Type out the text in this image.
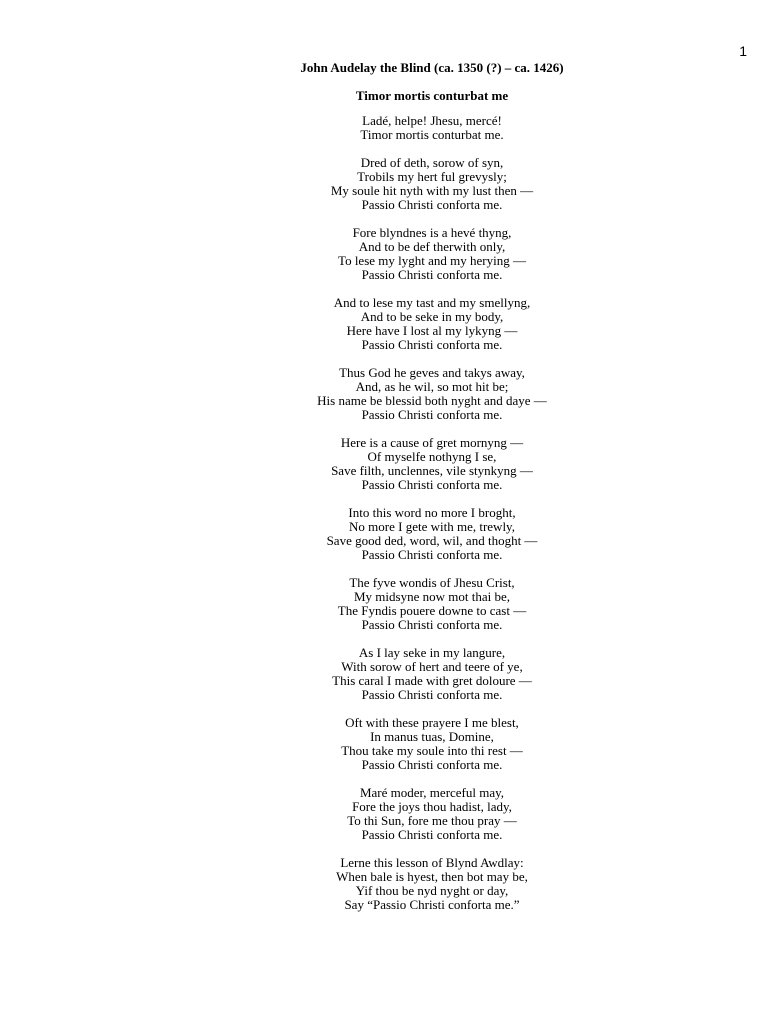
1
John Audelay the Blind (ca. 1350 (?) – ca. 1426)
Timor mortis conturbat me
Ladé, helpe! Jhesu, mercé!
Timor mortis conturbat me.
Dred of deth, sorow of syn,
Trobils my hert ful grevysly;
My soule hit nyth with my lust then —
Passio Christi conforta me.
Fore blyndnes is a hevé thyng,
And to be def therwith only,
To lese my lyght and my herying —
Passio Christi conforta me.
And to lese my tast and my smellyng,
And to be seke in my body,
Here have I lost al my lykyng —
Passio Christi conforta me.
Thus God he geves and takys away,
And, as he wil, so mot hit be;
His name be blessid both nyght and daye —
Passio Christi conforta me.
Here is a cause of gret mornyng —
Of myselfe nothyng I se,
Save filth, unclennes, vile stynkyng —
Passio Christi conforta me.
Into this word no more I broght,
No more I gete with me, trewly,
Save good ded, word, wil, and thoght —
Passio Christi conforta me.
The fyve wondis of Jhesu Crist,
My midsyne now mot thai be,
The Fyndis pouere downe to cast —
Passio Christi conforta me.
As I lay seke in my langure,
With sorow of hert and teere of ye,
This caral I made with gret doloure —
Passio Christi conforta me.
Oft with these prayere I me blest,
In manus tuas, Domine,
Thou take my soule into thi rest —
Passio Christi conforta me.
Maré moder, merceful may,
Fore the joys thou hadist, lady,
To thi Sun, fore me thou pray —
Passio Christi conforta me.
Lerne this lesson of Blynd Awdlay:
When bale is hyest, then bot may be,
Yif thou be nyd nyght or day,
Say “Passio Christi conforta me.”
